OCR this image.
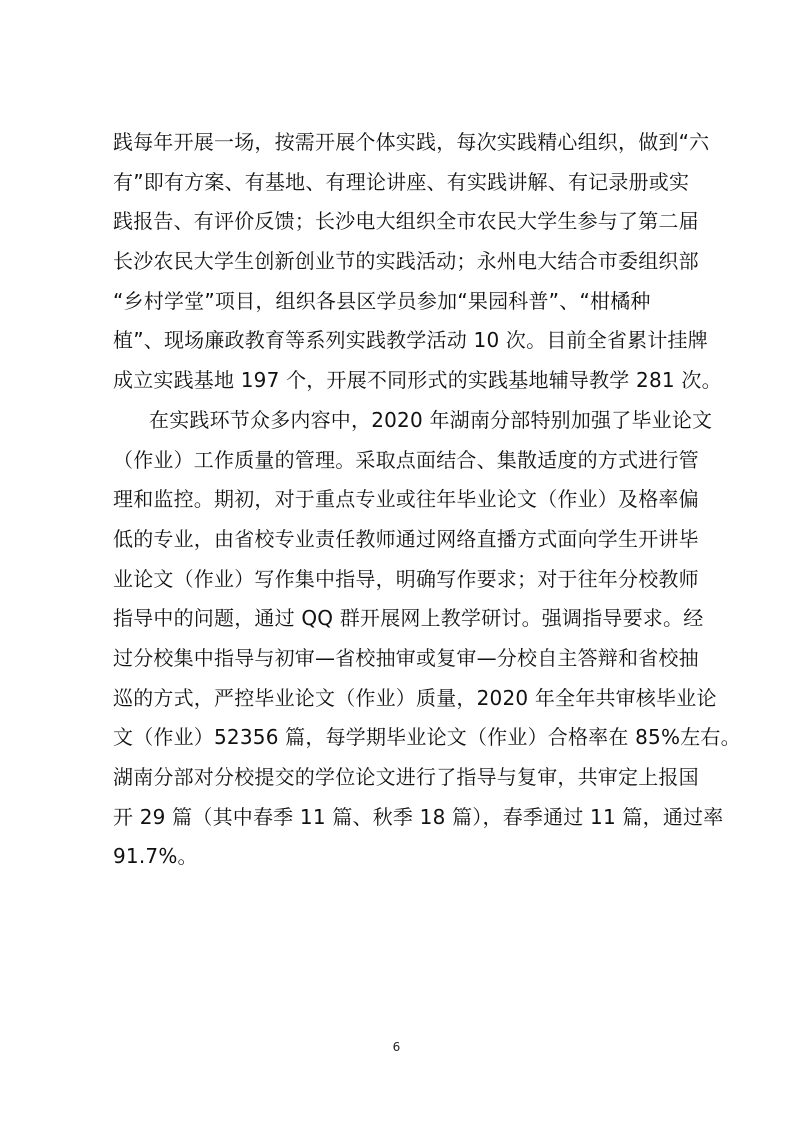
践每年开展一场，按需开展个体实践，每次实践精心组织，做到“六
有”即有方案、有基地、有理论讲座、有实践讲解、有记录册或实
践报告、有评价反馈；长沙电大组织全市农民大学生参与了第二届
长沙农民大学生创新创业节的实践活动；永州电大结合市委组织部
“乡村学堂”项目，组织各县区学员参加“果园科普”、“柑橘种
植”、现场廉政教育等系列实践教学活动 10 次。目前全省累计挂牌
成立实践基地 197 个，开展不同形式的实践基地辅导教学 281 次。
在实践环节众多内容中，2020 年湖南分部特别加强了毕业论文
（作业）工作质量的管理。采取点面结合、集散适度的方式进行管
理和监控。期初，对于重点专业或往年毕业论文（作业）及格率偏
低的专业，由省校专业责任教师通过网络直播方式面向学生开讲毕
业论文（作业）写作集中指导，明确写作要求；对于往年分校教师
指导中的问题，通过 QQ 群开展网上教学研讨。强调指导要求。经
过分校集中指导与初审—省校抽审或复审—分校自主答辩和省校抽
巡的方式，严控毕业论文（作业）质量，2020 年全年共审核毕业论
文（作业）52356 篇，每学期毕业论文（作业）合格率在 85%左右。
湖南分部对分校提交的学位论文进行了指导与复审，共审定上报国
开 29 篇（其中春季 11 篇、秋季 18 篇），春季通过 11 篇，通过率
91.7%。
6
